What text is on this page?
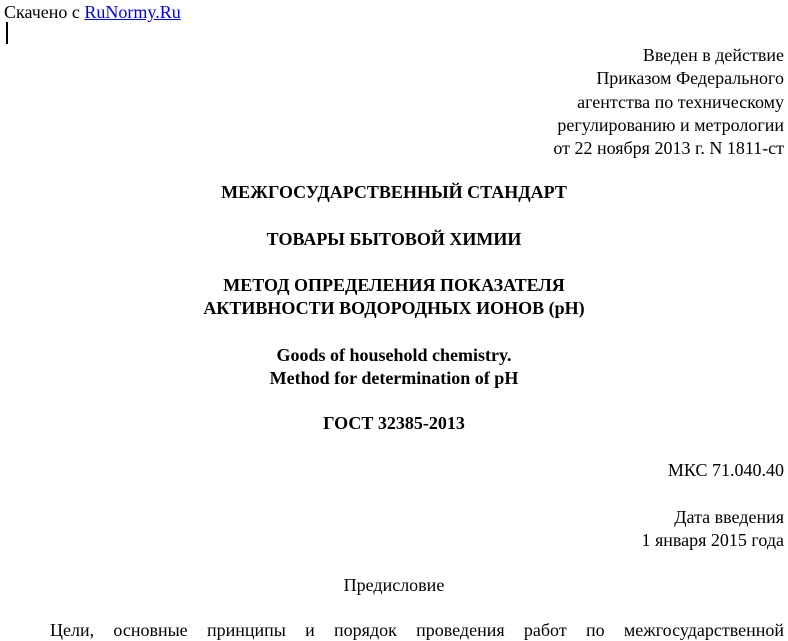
Скачено с RuNormy.Ru
Введен в действие
Приказом Федерального
агентства по техническому
регулированию и метрологии
от 22 ноября 2013 г. N 1811-ст
МЕЖГОСУДАРСТВЕННЫЙ СТАНДАРТ
ТОВАРЫ БЫТОВОЙ ХИМИИ
МЕТОД ОПРЕДЕЛЕНИЯ ПОКАЗАТЕЛЯ
АКТИВНОСТИ ВОДОРОДНЫХ ИОНОВ (pH)
Goods of household chemistry.
Method for determination of pH
ГОСТ 32385-2013
МКС 71.040.40
Дата введения
1 января 2015 года
Предисловие
Цели, основные принципы и порядок проведения работ по межгосударственной
